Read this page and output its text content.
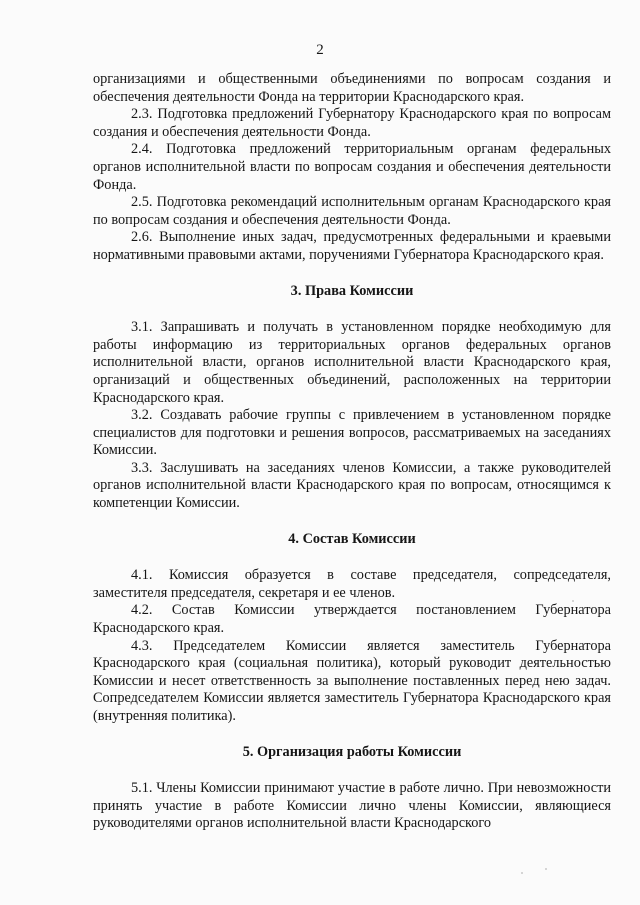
2

организациями и общественными объединениями по вопросам создания и обеспечения деятельности Фонда на территории Краснодарского края.

2.3. Подготовка предложений Губернатору Краснодарского края по вопросам создания и обеспечения деятельности Фонда.

2.4. Подготовка предложений территориальным органам федеральных органов исполнительной власти по вопросам создания и обеспечения деятельности Фонда.

2.5. Подготовка рекомендаций исполнительным органам Краснодарского края по вопросам создания и обеспечения деятельности Фонда.

2.6. Выполнение иных задач, предусмотренных федеральными и краевыми нормативными правовыми актами, поручениями Губернатора Краснодарского края.

3. Права Комиссии

3.1. Запрашивать и получать в установленном порядке необходимую для работы информацию из территориальных органов федеральных органов исполнительной власти, органов исполнительной власти Краснодарского края, организаций и общественных объединений, расположенных на территории Краснодарского края.

3.2. Создавать рабочие группы с привлечением в установленном порядке специалистов для подготовки и решения вопросов, рассматриваемых на заседаниях Комиссии.

3.3. Заслушивать на заседаниях членов Комиссии, а также руководителей органов исполнительной власти Краснодарского края по вопросам, относящимся к компетенции Комиссии.

4. Состав Комиссии

4.1. Комиссия образуется в составе председателя, сопредседателя, заместителя председателя, секретаря и ее членов.

4.2. Состав Комиссии утверждается постановлением Губернатора Краснодарского края.

4.3. Председателем Комиссии является заместитель Губернатора Краснодарского края (социальная политика), который руководит деятельностью Комиссии и несет ответственность за выполнение поставленных перед нею задач. Сопредседателем Комиссии является заместитель Губернатора Краснодарского края (внутренняя политика).

5. Организация работы Комиссии

5.1. Члены Комиссии принимают участие в работе лично. При невозможности принять участие в работе Комиссии лично члены Комиссии, являющиеся руководителями органов исполнительной власти Краснодарского
